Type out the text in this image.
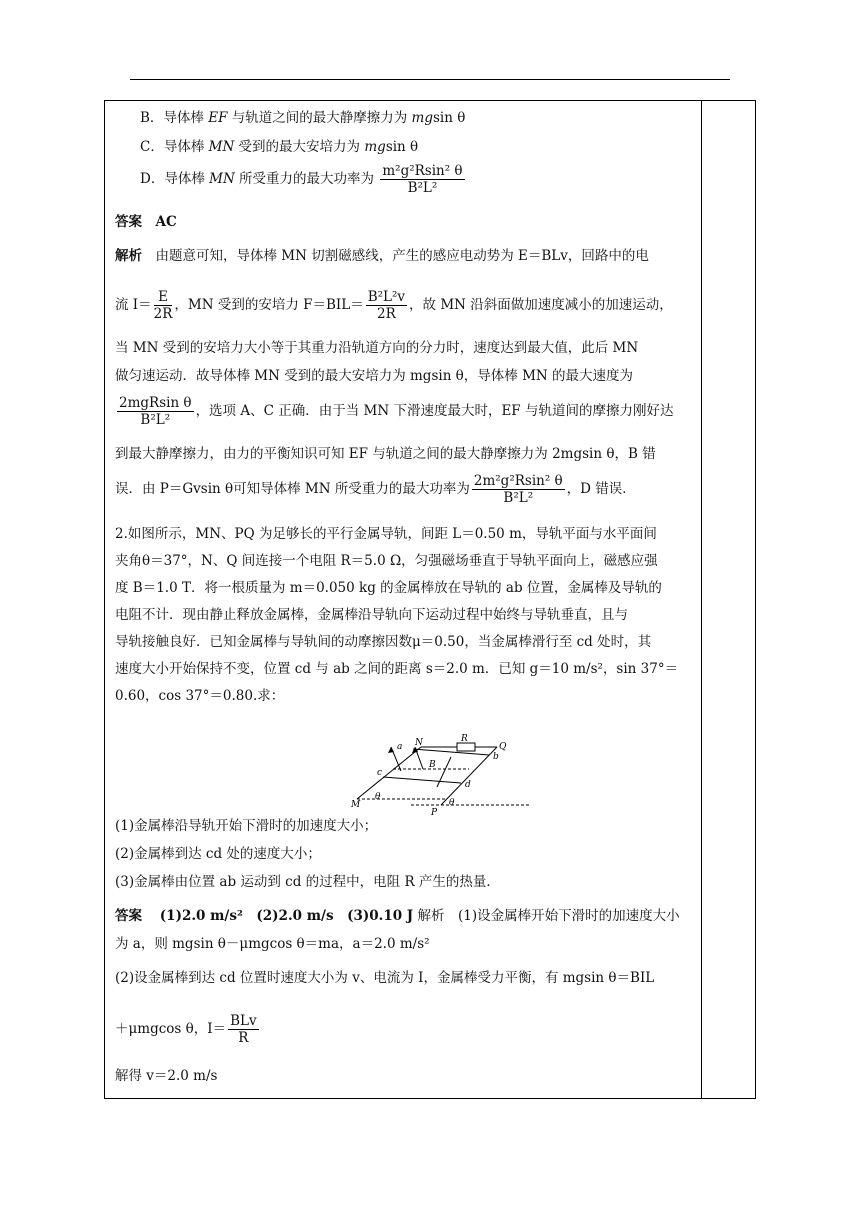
B．导体棒 EF 与轨道之间的最大静摩擦力为 mgsin θ
C．导体棒 MN 受到的最大安培力为 mgsin θ
D．导体棒 MN 所受重力的最大功率为 $\frac{\text{m²g²Rsin² θ}}{\text{B²L²}}$
答案　 AC
解析　由题意可知，导体棒 MN 切割磁感线，产生的感应电动势为 E＝BLv，回路中的电
流 $I= \frac{E}{2R}$ ，MN 受到的安培力 $F=BIL= \frac{\text{B²L²v}}{2R}$ ，故 MN 沿斜面做加速度减小的加速运动，
当 MN 受到的安培力大小等于其重力沿轨道方向的分力时，速度达到最大值，此后 MN
做匀速运动．故导体棒 MN 受到的最大安培力为 mgsin θ，导体棒 MN 的最大速度为
$\frac{\text{2mgRsin θ}}{\text{B²L²}}$ ，选项 A、C 正确．由于当 MN 下滑速度最大时，EF 与轨道间的摩擦力刚好达
到最大静摩擦力，由力的平衡知识可知 EF 与轨道之间的最大静摩擦力为 2mgsin θ，B 错
误．由 P＝Gvsin θ可知导体棒 MN 所受重力的最大功率为 $\frac{\text{2m²g²Rsin² θ}}{\text{B²L²}}$ ，D 错误．
2.如图所示，MN、PQ 为足够长的平行金属导轨，间距 L＝0.50 m，导轨平面与水平面间
夹角θ＝37°，N、Q 间连接一个电阻 R＝5.0 Ω，匀强磁场垂直于导轨平面向上，磁感应强
度 B＝1.0 T．将一根质量为 m＝0.050 kg 的金属棒放在导轨的 ab 位置，金属棒及导轨的
电阻不计．现由静止释放金属棒，金属棒沿导轨向下运动过程中始终与导轨垂直，且与
导轨接触良好．已知金属棒与导轨间的动摩擦因数μ＝0.50，当金属棒滑行至 cd 处时，其
速度大小开始保持不变，位置 cd 与 ab 之间的距离 s＝2.0 m．已知 g＝10 m/s²，sin 37°＝
0.60，cos 37°＝0.80.求：
a N	R
Q
b
B
c
d
M
P
θ
θ
(1)金属棒沿导轨开始下滑时的加速度大小；
(2)金属棒到达 cd 处的速度大小；
(3)金属棒由位置 ab 运动到 cd 的过程中，电阻 R 产生的热量．
答案　 (1)2.0 m/s²　 (2)2.0 m/s　 (3)0.10 J 解析　(1)设金属棒开始下滑时的加速度大小
为 a，则 mgsin θ－μmgcos θ＝ma，a＝2.0 m/s²
(2)设金属棒到达 cd 位置时速度大小为 v、电流为 I，金属棒受力平衡，有 mgsin θ＝BIL
＋μmgcos θ，$I= \frac{\text{BLv}}{R}$
解得 v＝2.0 m/s
